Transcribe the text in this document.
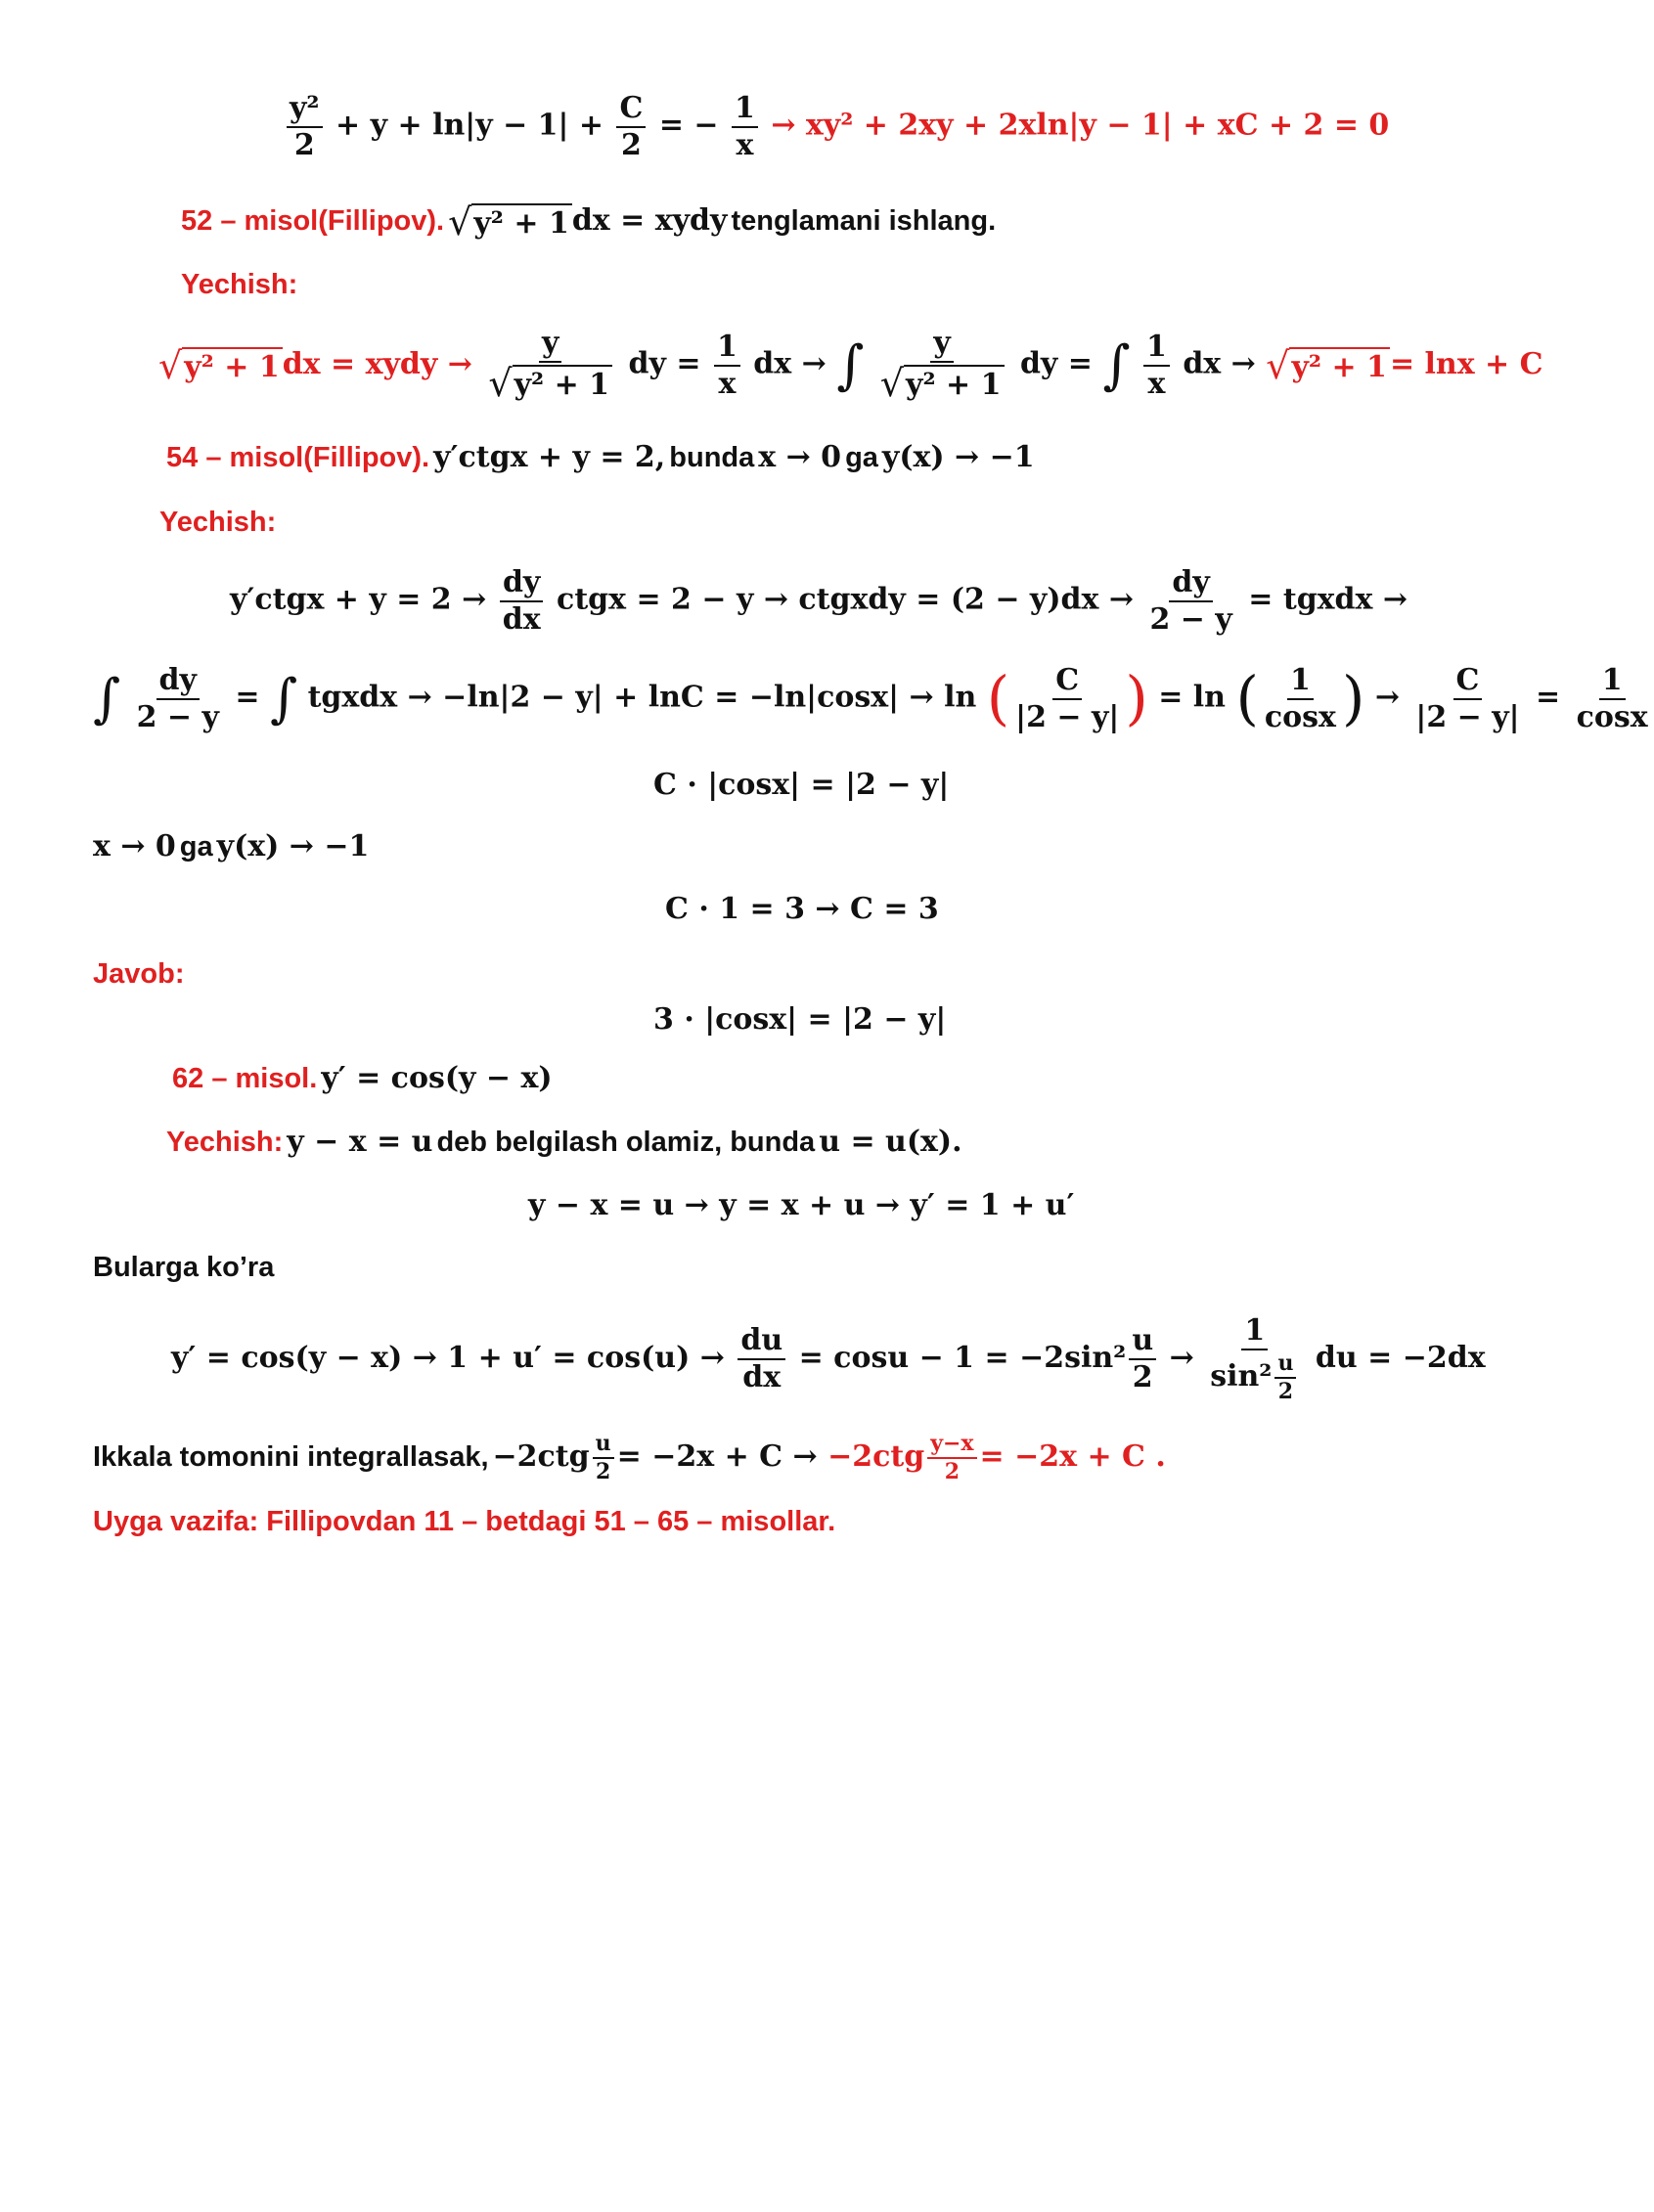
$\frac{\text{y²}}{2} + y + \ln|y - 1| + \frac{C}{2}$ = − $\frac{1}{x} \to xy^2 + 2xy + 2xln|y - 1|$ + xC + 2 = 0
52 – misol(Fillipov). √y² + 1 dx = xydy tenglamani ishlang.
Yechish:
√y² + 1 dx = xydy → $\frac{y}{\text{√y² + 1}}$ dy = $\frac{1}{x}$ dx → ∫ $\frac{y}{\text{√y² + 1}}$ dy = ∫ $\frac{1}{x}$ dx → √y² + 1 = lnx + C
54 – misol(Fillipov). y′ctgx + y = 2, bunda x → 0 ga y(x) → −1
Yechish:
y′ctgx + $y = 2 \to \frac{dy}{dx}$ ctgx = 2 − y → ctgxdy = $(2 - y)dx \to \frac{dy}{2 - y}$ = tgxdx →
∫ $\frac{dy}{2 - y}$ = ∫ tgxdx → −ln|2 − y| + lnC = −ln|cosx| → ln ( $\frac{C}{|2 - y|}$ ) = ln ( $\frac{1}{\cos x}$ ) → $\frac{C}{|2 - y|} = \frac{1}{\cos x}$
C · |cosx| = |2 − y|
x → 0 ga y(x) → −1
C · 1 = 3 → C = 3
Javob:
3 · |cosx| = |2 − y|
62 – misol. y′ = cos(y − x)
Yechish: y − x = u deb belgilash olamiz, bunda u = u(x).
y − x = u → y = x + u → y′ = 1 + u′
Bularga ko’ra
$y' = \cos(y - x) \to 1 + u' = \cos(u) \to \frac{du}{dx} = \cos u - 1 = -2\sin^2 \frac{u}{2} \to \frac{1}{\sin^2 \frac{u}{2}}$ du = −2dx
Ikkala tomonini integrallasak, $-2ctg \frac{u}{2} = -2x + C \to -2ctg \frac{y-x}{2} = -2x + C$ .
Uyga vazifa: Fillipovdan 11 – betdagi 51 – 65 – misollar.
